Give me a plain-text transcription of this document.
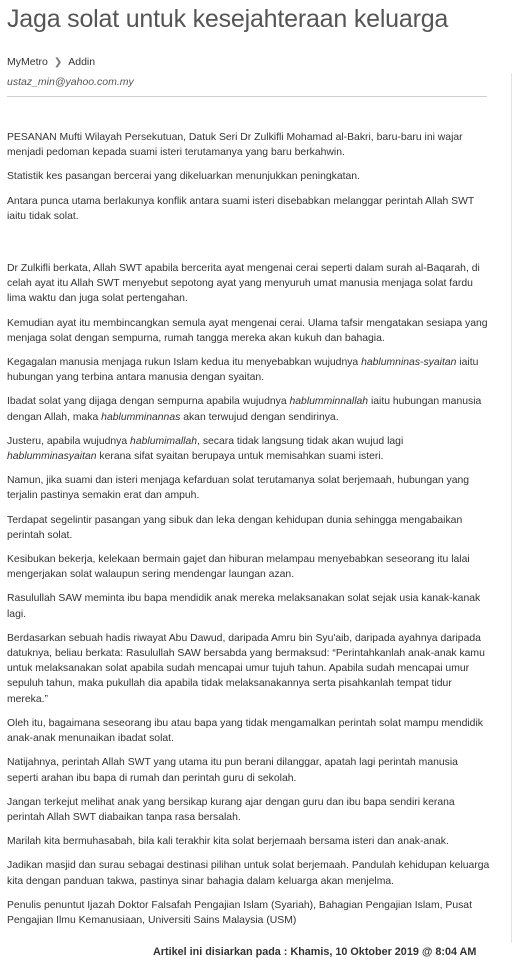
Jaga solat untuk kesejahteraan keluarga
MyMetro ❯ Addin
ustaz_min@yahoo.com.my

PESANAN Mufti Wilayah Persekutuan, Datuk Seri Dr Zulkifli Mohamad al-Bakri, baru-baru ini wajar menjadi pedoman kepada suami isteri terutamanya yang baru berkahwin.

Statistik kes pasangan bercerai yang dikeluarkan menunjukkan peningkatan.

Antara punca utama berlakunya konflik antara suami isteri disebabkan melanggar perintah Allah SWT iaitu tidak solat.

Dr Zulkifli berkata, Allah SWT apabila bercerita ayat mengenai cerai seperti dalam surah al-Baqarah, di celah ayat itu Allah SWT menyebut sepotong ayat yang menyuruh umat manusia menjaga solat fardu lima waktu dan juga solat pertengahan.

Kemudian ayat itu membincangkan semula ayat mengenai cerai. Ulama tafsir mengatakan sesiapa yang menjaga solat dengan sempurna, rumah tangga mereka akan kukuh dan bahagia.

Kegagalan manusia menjaga rukun Islam kedua itu menyebabkan wujudnya hablumninas-syaitan iaitu hubungan yang terbina antara manusia dengan syaitan.

Ibadat solat yang dijaga dengan sempurna apabila wujudnya hablumminnallah iaitu hubungan manusia dengan Allah, maka hablumminannas akan terwujud dengan sendirinya.

Justeru, apabila wujudnya hablumimallah, secara tidak langsung tidak akan wujud lagi hablumminasyaitan kerana sifat syaitan berupaya untuk memisahkan suami isteri.

Namun, jika suami dan isteri menjaga kefarduan solat terutamanya solat berjemaah, hubungan yang terjalin pastinya semakin erat dan ampuh.

Terdapat segelintir pasangan yang sibuk dan leka dengan kehidupan dunia sehingga mengabaikan perintah solat.

Kesibukan bekerja, kelekaan bermain gajet dan hiburan melampau menyebabkan seseorang itu lalai mengerjakan solat walaupun sering mendengar laungan azan.

Rasulullah SAW meminta ibu bapa mendidik anak mereka melaksanakan solat sejak usia kanak-kanak lagi.

Berdasarkan sebuah hadis riwayat Abu Dawud, daripada Amru bin Syu'aib, daripada ayahnya daripada datuknya, beliau berkata: Rasulullah SAW bersabda yang bermaksud: “Perintahkanlah anak-anak kamu untuk melaksanakan solat apabila sudah mencapai umur tujuh tahun. Apabila sudah mencapai umur sepuluh tahun, maka pukullah dia apabila tidak melaksanakannya serta pisahkanlah tempat tidur mereka.”

Oleh itu, bagaimana seseorang ibu atau bapa yang tidak mengamalkan perintah solat mampu mendidik anak-anak menunaikan ibadat solat.

Natijahnya, perintah Allah SWT yang utama itu pun berani dilanggar, apatah lagi perintah manusia seperti arahan ibu bapa di rumah dan perintah guru di sekolah.

Jangan terkejut melihat anak yang bersikap kurang ajar dengan guru dan ibu bapa sendiri kerana perintah Allah SWT diabaikan tanpa rasa bersalah.

Marilah kita bermuhasabah, bila kali terakhir kita solat berjemaah bersama isteri dan anak-anak.

Jadikan masjid dan surau sebagai destinasi pilihan untuk solat berjemaah. Pandulah kehidupan keluarga kita dengan panduan takwa, pastinya sinar bahagia dalam keluarga akan menjelma.

Penulis penuntut Ijazah Doktor Falsafah Pengajian Islam (Syariah), Bahagian Pengajian Islam, Pusat Pengajian Ilmu Kemanusiaan, Universiti Sains Malaysia (USM)

Artikel ini disiarkan pada : Khamis, 10 Oktober 2019 @ 8:04 AM
